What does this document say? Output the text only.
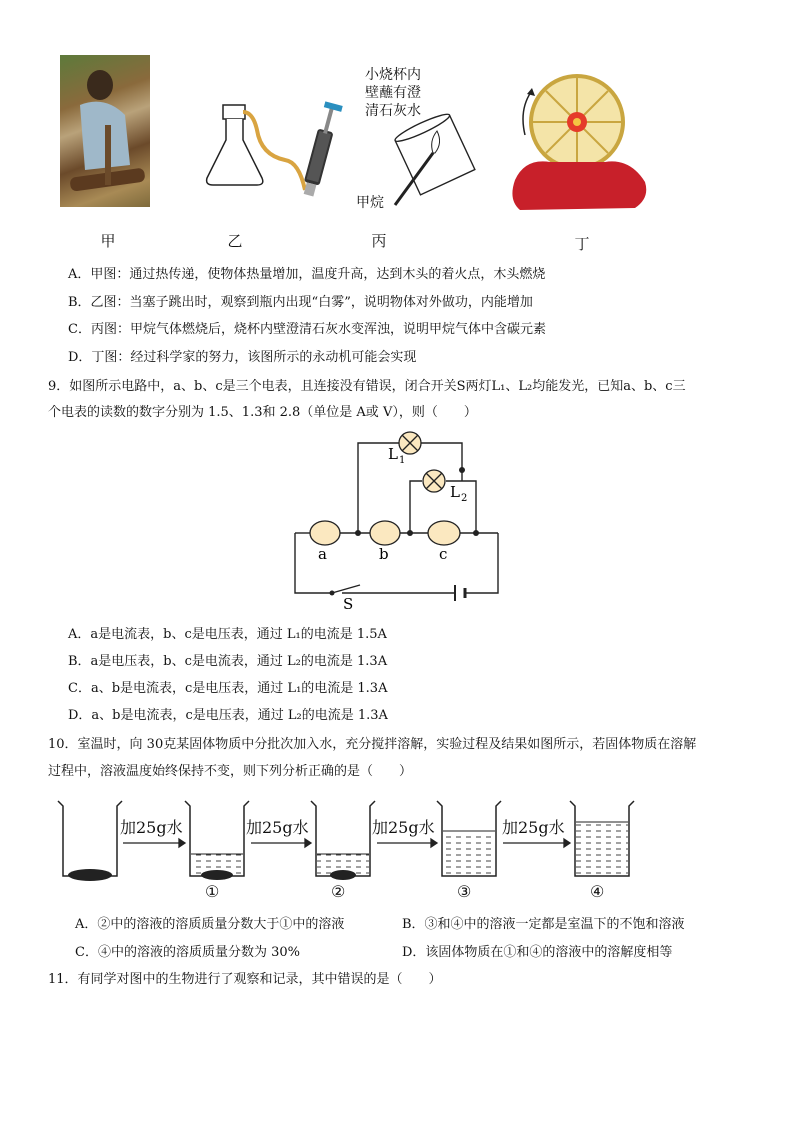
甲	乙
小烧杯内
壁蘸有澄
清石灰水
甲烷
丙	丁
A．甲图：通过热传递，使物体热量增加，温度升高，达到木头的着火点，木头燃烧
B．乙图：当塞子跳出时，观察到瓶内出现“白雾”，说明物体对外做功，内能增加
C．丙图：甲烷气体燃烧后，烧杯内壁澄清石灰水变浑浊，说明甲烷气体中含碳元素
D．丁图：经过科学家的努力，该图所示的永动机可能会实现
9．如图所示电路中，a、b、c是三个电表，且连接没有错误，闭合开关S两灯L₁、L₂均能发光，已知a、b、c三
个电表的读数的数字分别为 1.5、1.3和 2.8（单位是 A或 V），则（　　）
L 1
L 2
a	b	c
S
A．a是电流表，b、c是电压表，通过 L₁的电流是 1.5A
B．a是电压表，b、c是电流表，通过 L₂的电流是 1.3A
C．a、b是电流表，c是电压表，通过 L₁的电流是 1.3A
D．a、b是电流表，c是电压表，通过 L₂的电流是 1.3A
10．室温时，向 30克某固体物质中分批次加入水，充分搅拌溶解，实验过程及结果如图所示，若固体物质在溶解
过程中，溶液温度始终保持不变，则下列分析正确的是（　　）
加25g水	加25g水	加25g水	加25g水
①	②	③	④
A．②中的溶液的溶质质量分数大于①中的溶液	B．③和④中的溶液一定都是室温下的不饱和溶液
C．④中的溶液的溶质质量分数为 30%	D．该固体物质在①和④的溶液中的溶解度相等
11．有同学对图中的生物进行了观察和记录，其中错误的是（　　）
